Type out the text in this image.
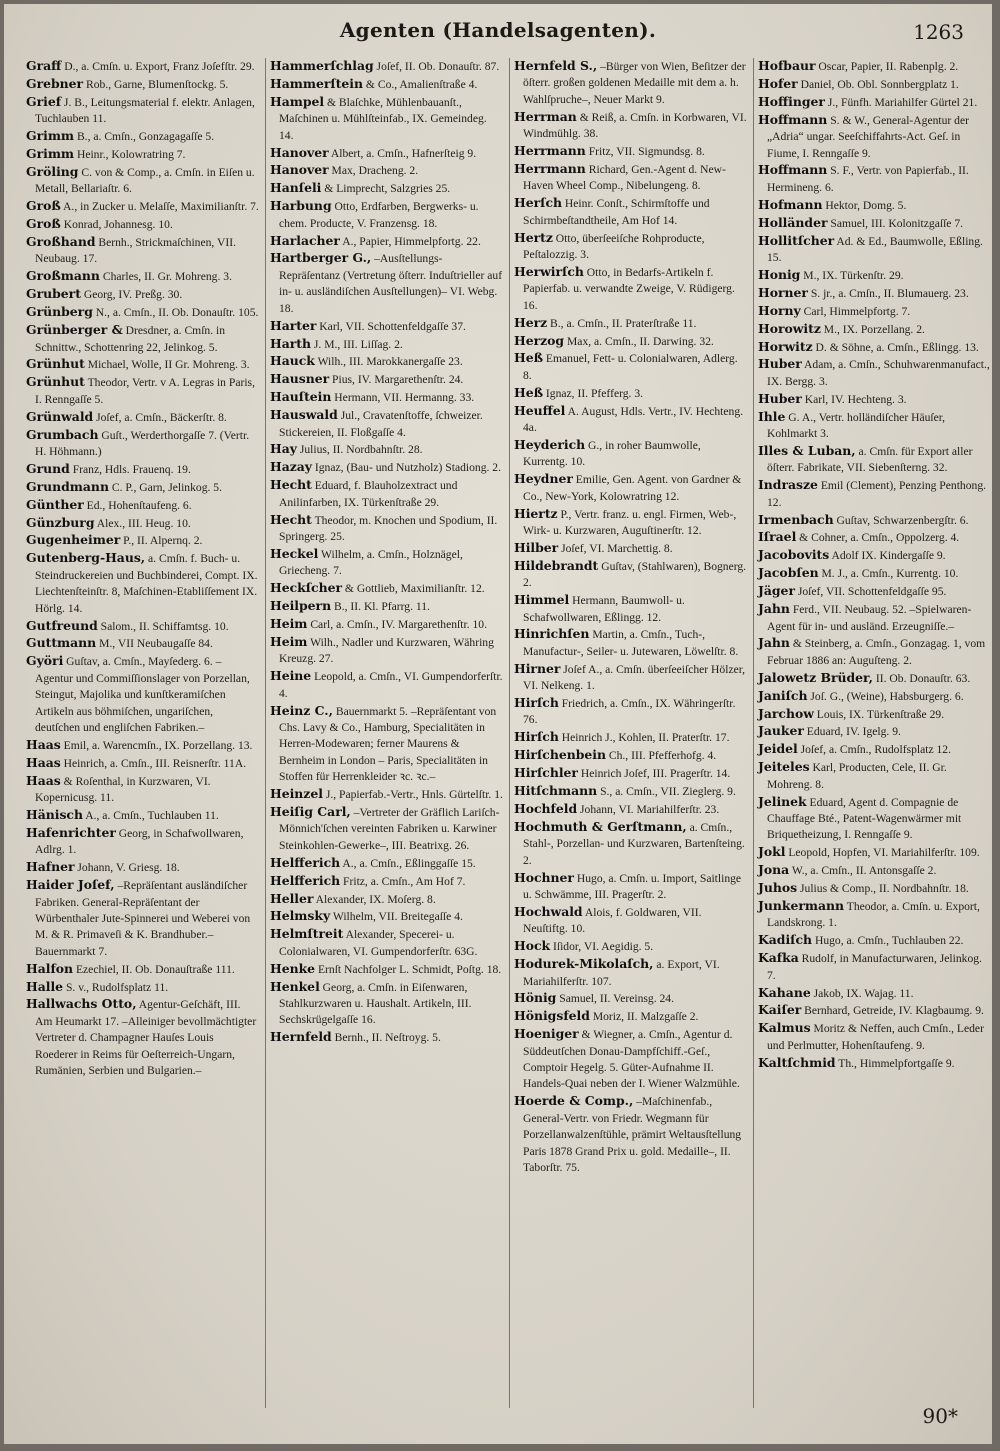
Agenten (Handelsagenten).	1263

Graff D., a. Cmſn. u. Export, Franz Joſefſtr. 29.

Grebner Rob., Garne, Blumenſtockg. 5.

Grief J. B., Leitungsmaterial f. elektr. Anlagen, Tuchlauben 11.

Grimm B., a. Cmſn., Gonzagagaſſe 5.

Grimm Heinr., Kolowratring 7.

Gröling C. von & Comp., a. Cmſn. in Eiſen u. Metall, Bellariaſtr. 6.

Groß A., in Zucker u. Melaſſe, Maximilianſtr. 7.

Groß Konrad, Johannesg. 10.

Großhand Bernh., Strickmaſchinen, VII. Neubaug. 17.

Großmann Charles, II. Gr. Mohreng. 3.

Grubert Georg, IV. Preßg. 30.

Grünberg N., a. Cmſn., II. Ob. Donauſtr. 105.

Grünberger & Dresdner, a. Cmſn. in Schnittw., Schottenring 22, Jelinkog. 5.

Grünhut Michael, Wolle, II Gr. Mohreng. 3.

Grünhut Theodor, Vertr. v A. Legras in Paris, I. Renngaſſe 5.

Grünwald Joſef, a. Cmſn., Bäckerſtr. 8.

Grumbach Guſt., Werderthorgaſſe 7. (Vertr. H. Höhmann.)

Grund Franz, Hdls. Frauenq. 19.

Grundmann C. P., Garn, Jelinkog. 5.

Günther Ed., Hohenſtaufeng. 6.

Günzburg Alex., III. Heug. 10.

Gugenheimer P., II. Alpernq. 2.

Gutenberg-Haus, a. Cmſn. f. Buch- u. Steindruckereien und Buchbinderei, Compt. IX. Liechtenſteinſtr. 8, Maſchinen-Etabliſſement IX. Hörlg. 14.

Gutfreund Salom., II. Schiffamtsg. 10.

Guttmann M., VII Neubaugaſſe 84.

Györi Guſtav, a. Cmſn., Mayſederg. 6. –Agentur und Commiſſionslager von Porzellan, Steingut, Majolika und kunſtkeramiſchen Artikeln aus böhmiſchen, ungariſchen, deutſchen und engliſchen Fabriken.–

Haas Emil, a. Warencmſn., IX. Porzellang. 13.

Haas Heinrich, a. Cmſn., III. Reisnerſtr. 11A.

Haas & Roſenthal, in Kurzwaren, VI. Kopernicusg. 11.

Hänisch A., a. Cmſn., Tuchlauben 11.

Hafenrichter Georg, in Schafwollwaren, Adlrg. 1.

Hafner Johann, V. Griesg. 18.

Haider Joſef, –Repräſentant ausländiſcher Fabriken. General-Repräſentant der Würbenthaler Jute-Spinnerei und Weberei von M. & R. Primaveſi & K. Brandhuber.– Bauernmarkt 7.

Halfon Ezechiel, II. Ob. Donauſtraße 111.

Halle S. v., Rudolfsplatz 11.

Hallwachs Otto, Agentur-Geſchäft, III. Am Heumarkt 17. –Alleiniger bevollmächtigter Vertreter d. Champagner Hauſes Louis Roederer in Reims für Oeſterreich-Ungarn, Rumänien, Serbien und Bulgarien.–

Hammerſchlag Joſef, II. Ob. Donauſtr. 87.

Hammerſtein & Co., Amalienſtraße 4.

Hampel & Blaſchke, Mühlenbauanſt., Maſchinen u. Mühlſteinfab., IX. Gemeindeg. 14.

Hanover Albert, a. Cmſn., Hafnerſteig 9.

Hanover Max, Dracheng. 2.

Hanſeli & Limprecht, Salzgries 25.

Harbung Otto, Erdfarben, Bergwerks- u. chem. Producte, V. Franzensg. 18.

Harlacher A., Papier, Himmelpfortg. 22.

Hartberger G., –Ausſtellungs-Repräſentanz (Vertretung öſterr. Induſtrieller auf in- u. ausländiſchen Ausſtellungen)– VI. Webg. 18.

Harter Karl, VII. Schottenfeldgaſſe 37.

Harth J. M., III. Liſſag. 2.

Hauck Wilh., III. Marokkanergaſſe 23.

Hausner Pius, IV. Margarethenſtr. 24.

Hauſtein Hermann, VII. Hermanng. 33.

Hauswald Jul., Cravatenſtoffe, ſchweizer. Stickereien, II. Floßgaſſe 4.

Hay Julius, II. Nordbahnſtr. 28.

Hazay Ignaz, (Bau- und Nutzholz) Stadiong. 2.

Hecht Eduard, f. Blauholzextract und Anilinfarben, IX. Türkenſtraße 29.

Hecht Theodor, m. Knochen und Spodium, II. Springerg. 25.

Heckel Wilhelm, a. Cmſn., Holznägel, Griecheng. 7.

Heckſcher & Gottlieb, Maximilianſtr. 12.

Heilpern B., II. Kl. Pfarrg. 11.

Heim Carl, a. Cmſn., IV. Margarethenſtr. 10.

Heim Wilh., Nadler und Kurzwaren, Währing Kreuzg. 27.

Heine Leopold, a. Cmſn., VI. Gumpendorferſtr. 4.

Heinz C., Bauernmarkt 5. –Repräſentant von Chs. Lavy & Co., Hamburg, Specialitäten in Herren-Modewaren; ferner Maurens & Bernheim in London – Paris, Specialitäten in Stoffen für Herrenkleider ꝛc. ꝛc.–

Heinzel J., Papierfab.-Vertr., Hnls. Gürtelſtr. 1.

Heiſig Carl, –Vertreter der Gräflich Lariſch-Mönnich'ſchen vereinten Fabriken u. Karwiner Steinkohlen-Gewerke–, III. Beatrixg. 26.

Helfferich A., a. Cmſn., Eßlinggaſſe 15.

Helfferich Fritz, a. Cmſn., Am Hof 7.

Heller Alexander, IX. Moſerg. 8.

Helmsky Wilhelm, VII. Breitegaſſe 4.

Helmſtreit Alexander, Specerei- u. Colonialwaren, VI. Gumpendorferſtr. 63G.

Henke Ernſt Nachfolger L. Schmidt, Poſtg. 18.

Henkel Georg, a. Cmſn. in Eiſenwaren, Stahlkurzwaren u. Haushalt. Artikeln, III. Sechskrügelgaſſe 16.

Hernfeld Bernh., II. Neſtroyg. 5.

Hernfeld S., –Bürger von Wien, Beſitzer der öſterr. großen goldenen Medaille mit dem a. h. Wahlſpruche–, Neuer Markt 9.

Herrman & Reiß, a. Cmſn. in Korbwaren, VI. Windmühlg. 38.

Herrmann Fritz, VII. Sigmundsg. 8.

Herrmann Richard, Gen.-Agent d. New-Haven Wheel Comp., Nibelungeng. 8.

Herſch Heinr. Conſt., Schirmſtoffe und Schirmbeſtandtheile, Am Hof 14.

Hertz Otto, überſeeiſche Rohproducte, Peſtalozzig. 3.

Herwirſch Otto, in Bedarfs-Artikeln f. Papierfab. u. verwandte Zweige, V. Rüdigerg. 16.

Herz B., a. Cmſn., II. Praterſtraße 11.

Herzog Max, a. Cmſn., II. Darwing. 32.

Heß Emanuel, Fett- u. Colonialwaren, Adlerg. 8.

Heß Ignaz, II. Pfefferg. 3.

Heuffel A. August, Hdls. Vertr., IV. Hechteng. 4a.

Heyderich G., in roher Baumwolle, Kurrentg. 10.

Heydner Emilie, Gen. Agent. von Gardner & Co., New-York, Kolowratring 12.

Hiertz P., Vertr. franz. u. engl. Firmen, Web-, Wirk- u. Kurzwaren, Auguſtinerſtr. 12.

Hilber Joſef, VI. Marchettig. 8.

Hildebrandt Guſtav, (Stahlwaren), Bognerg. 2.

Himmel Hermann, Baumwoll- u. Schafwollwaren, Eßlingg. 12.

Hinrichſen Martin, a. Cmſn., Tuch-, Manufactur-, Seiler- u. Jutewaren, Löwelſtr. 8.

Hirner Joſef A., a. Cmſn. überſeeiſcher Hölzer, VI. Nelkeng. 1.

Hirſch Friedrich, a. Cmſn., IX. Währingerſtr. 76.

Hirſch Heinrich J., Kohlen, II. Praterſtr. 17.

Hirſchenbein Ch., III. Pfefferhofg. 4.

Hirſchler Heinrich Joſef, III. Pragerſtr. 14.

Hitſchmann S., a. Cmſn., VII. Zieglerg. 9.

Hochfeld Johann, VI. Mariahilferſtr. 23.

Hochmuth & Gerſtmann, a. Cmſn., Stahl-, Porzellan- und Kurzwaren, Bartenſteing. 2.

Hochner Hugo, a. Cmſn. u. Import, Saitlinge u. Schwämme, III. Pragerſtr. 2.

Hochwald Alois, f. Goldwaren, VII. Neuſtiftg. 10.

Hock Iſidor, VI. Aegidig. 5.

Hodurek-Mikolaſch, a. Export, VI. Mariahilferſtr. 107.

Hönig Samuel, II. Vereinsg. 24.

Hönigsfeld Moriz, II. Malzgaſſe 2.

Hoeniger & Wiegner, a. Cmſn., Agentur d. Süddeutſchen Donau-Dampfſchiff.-Geſ., Comptoir Hegelg. 5. Güter-Aufnahme II. Handels-Quai neben der I. Wiener Walzmühle.

Hoerde & Comp., –Maſchinenfab., General-Vertr. von Friedr. Wegmann für Porzellanwalzenſtühle, prämirt Weltausſtellung Paris 1878 Grand Prix u. gold. Medaille–, II. Taborſtr. 75.

Hofbaur Oscar, Papier, II. Rabenplg. 2.

Hofer Daniel, Ob. Obl. Sonnbergplatz 1.

Hoffinger J., Fünfh. Mariahilfer Gürtel 21.

Hoffmann S. & W., General-Agentur der „Adria“ ungar. Seeſchiffahrts-Act. Geſ. in Fiume, I. Renngaſſe 9.

Hoffmann S. F., Vertr. von Papierfab., II. Hermineng. 6.

Hofmann Hektor, Domg. 5.

Holländer Samuel, III. Kolonitzgaſſe 7.

Hollitſcher Ad. & Ed., Baumwolle, Eßling. 15.

Honig M., IX. Türkenſtr. 29.

Horner S. jr., a. Cmſn., II. Blumauerg. 23.

Horny Carl, Himmelpfortg. 7.

Horowitz M., IX. Porzellang. 2.

Horwitz D. & Söhne, a. Cmſn., Eßlingg. 13.

Huber Adam, a. Cmſn., Schuhwarenmanufact., IX. Bergg. 3.

Huber Karl, IV. Hechteng. 3.

Ihle G. A., Vertr. holländiſcher Häuſer, Kohlmarkt 3.

Illes & Luban, a. Cmſn. für Export aller öſterr. Fabrikate, VII. Siebenſterng. 32.

Indrasze Emil (Clement), Penzing Penthong. 12.

Irmenbach Guſtav, Schwarzenbergſtr. 6.

Iſrael & Cohner, a. Cmſn., Oppolzerg. 4.

Jacobovits Adolf IX. Kindergaſſe 9.

Jacobſen M. J., a. Cmſn., Kurrentg. 10.

Jäger Joſef, VII. Schottenfeldgaſſe 95.

Jahn Ferd., VII. Neubaug. 52. –Spielwaren-Agent für in- und ausländ. Erzeugniſſe.–

Jahn & Steinberg, a. Cmſn., Gonzagag. 1, vom Februar 1886 an: Auguſteng. 2.

Jalowetz Brüder, II. Ob. Donauſtr. 63.

Janiſch Joſ. G., (Weine), Habsburgerg. 6.

Jarchow Louis, IX. Türkenſtraße 29.

Jauker Eduard, IV. Igelg. 9.

Jeidel Joſef, a. Cmſn., Rudolfsplatz 12.

Jeiteles Karl, Producten, Cele, II. Gr. Mohreng. 8.

Jelinek Eduard, Agent d. Compagnie de Chauffage Bté., Patent-Wagenwärmer mit Briquetheizung, I. Renngaſſe 9.

Jokl Leopold, Hopfen, VI. Mariahilferſtr. 109.

Jona W., a. Cmſn., II. Antonsgaſſe 2.

Juhos Julius & Comp., II. Nordbahnſtr. 18.

Junkermann Theodor, a. Cmſn. u. Export, Landskrong. 1.

Kadiſch Hugo, a. Cmſn., Tuchlauben 22.

Kafka Rudolf, in Manufacturwaren, Jelinkog. 7.

Kahane Jakob, IX. Wajag. 11.

Kaiſer Bernhard, Getreide, IV. Klagbaumg. 9.

Kalmus Moritz & Neffen, auch Cmſn., Leder und Perlmutter, Hohenſtaufeng. 9.

Kaltſchmid Th., Himmelpfortgaſſe 9.

90*
